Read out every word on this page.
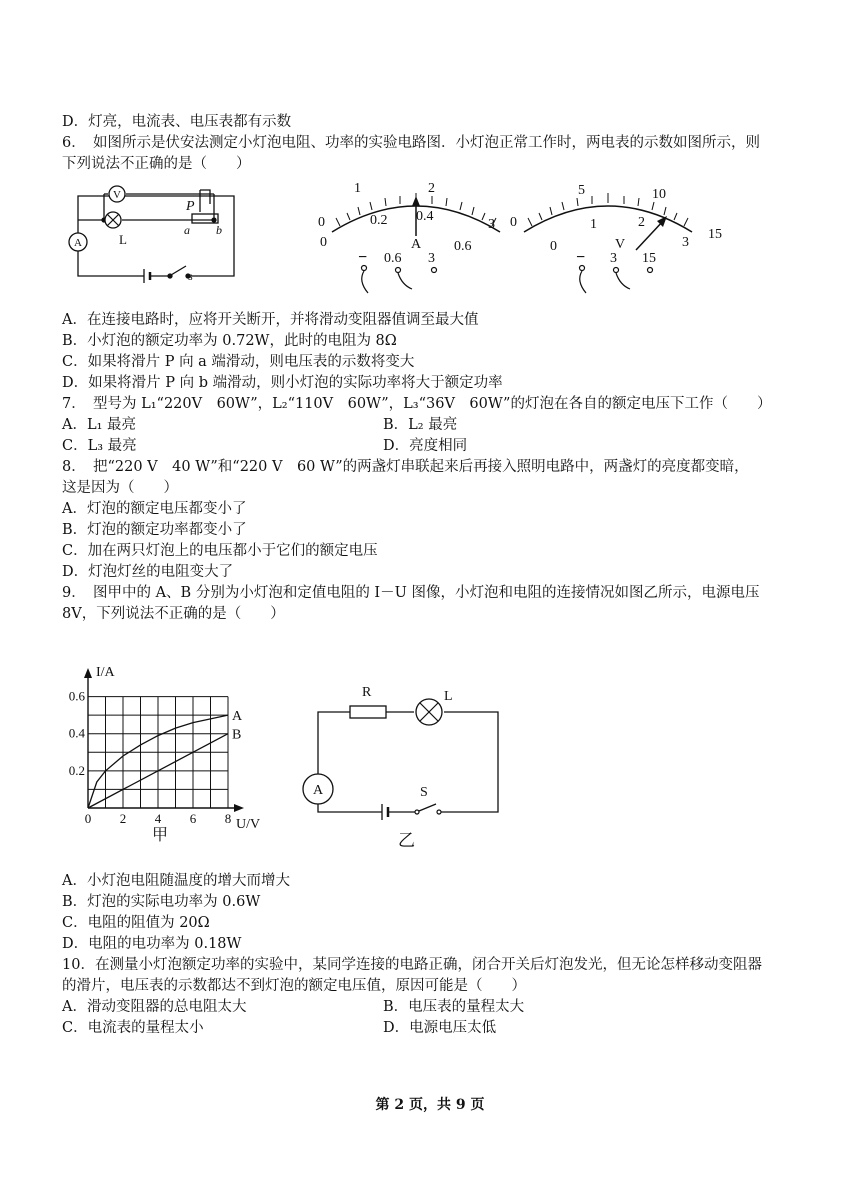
D．灯亮，电流表、电压表都有示数
6．　如图所示是伏安法测定小灯泡电阻、功率的实验电路图．小灯泡正常工作时，两电表的示数如图所示，则
下列说法不正确的是（　　）
V
L
A
P
a b
s
0
1	2
3
0
0.2 0.4
0.6
A
− 0.6 3
0
5	10
15
0
1	2
3
V
− 3 15
A．在连接电路时，应将开关断开，并将滑动变阻器值调至最大值
B．小灯泡的额定功率为 0.72W，此时的电阻为 8Ω
C．如果将滑片 P 向 a 端滑动，则电压表的示数将变大
D．如果将滑片 P 向 b 端滑动，则小灯泡的实际功率将大于额定功率
7．　型号为 L₁“220V　60W”，L₂“110V　60W”，L₃“36V　60W”的灯泡在各自的额定电压下工作（　　）
A．L₁ 最亮	B．L₂ 最亮
C．L₃ 最亮	D．亮度相同
8．　把“220 V　40 W”和“220 V　60 W”的两盏灯串联起来后再接入照明电路中，两盏灯的亮度都变暗，
这是因为（　　）
A．灯泡的额定电压都变小了
B．灯泡的额定功率都变小了
C．加在两只灯泡上的电压都小于它们的额定电压
D．灯泡灯丝的电阻变大了
9．　图甲中的 A、B 分别为小灯泡和定值电阻的 I－U 图像，小灯泡和电阻的连接情况如图乙所示，电源电压
8V，下列说法不正确的是（　　）
A
B
0 2 4 6 8
0.2
0.4
0.6
I/A
U/V
甲
R	L
A	S
乙
A．小灯泡电阻随温度的增大而增大
B．灯泡的实际电功率为 0.6W
C．电阻的阻值为 20Ω
D．电阻的电功率为 0.18W
10．在测量小灯泡额定功率的实验中，某同学连接的电路正确，闭合开关后灯泡发光，但无论怎样移动变阻器
的滑片，电压表的示数都达不到灯泡的额定电压值，原因可能是（　　）
A．滑动变阻器的总电阻太大	B．电压表的量程太大
C．电流表的量程太小	D．电源电压太低
第 2 页，共 9 页
